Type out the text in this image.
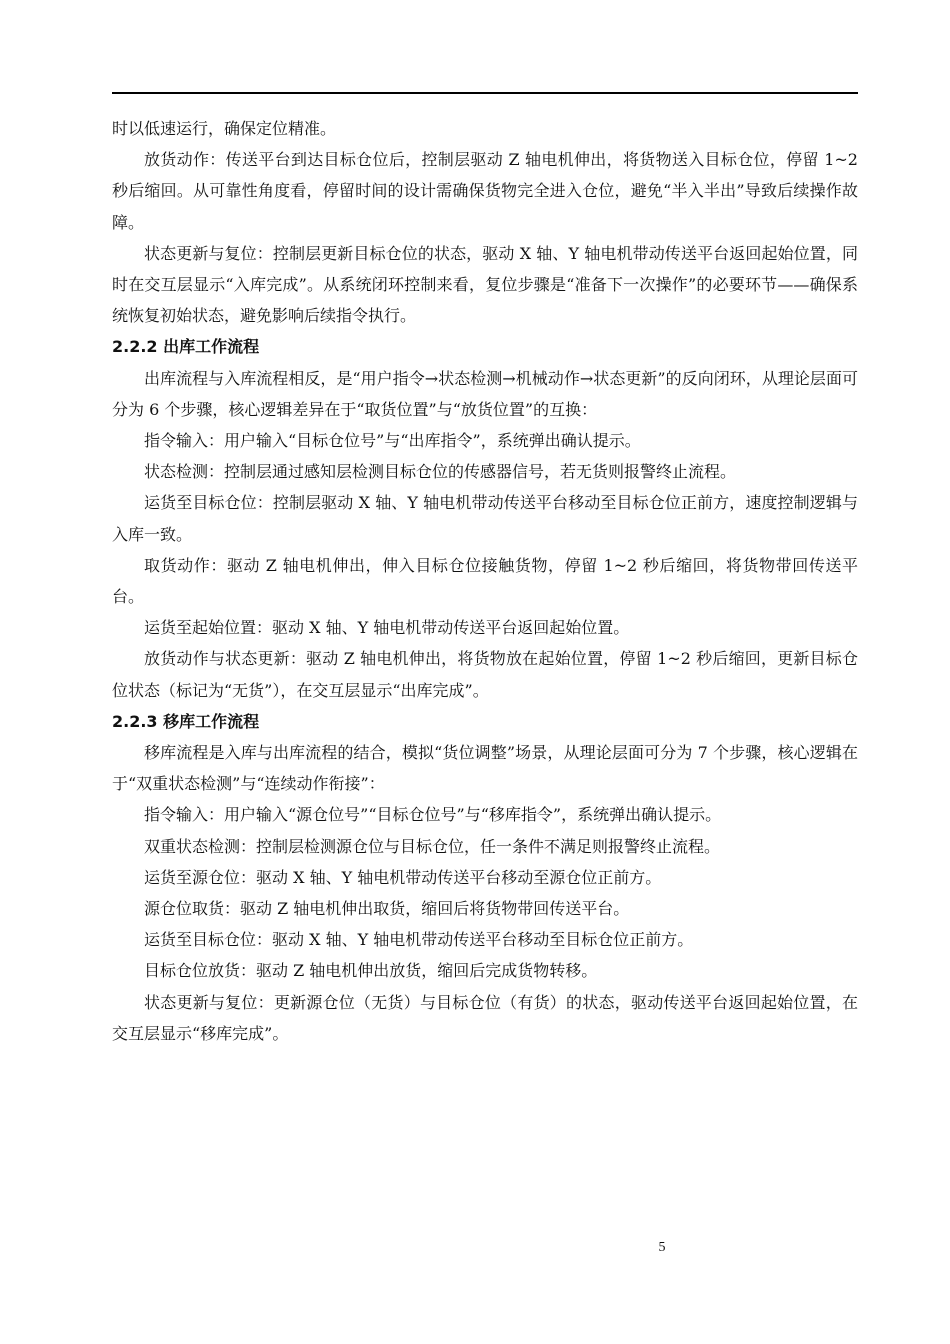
时以低速运行，确保定位精准。

放货动作：传送平台到达目标仓位后，控制层驱动 Z 轴电机伸出，将货物送入目标仓位，停留 1~2 秒后缩回。从可靠性角度看，停留时间的设计需确保货物完全进入仓位，避免“半入半出”导致后续操作故障。

状态更新与复位：控制层更新目标仓位的状态，驱动 X 轴、Y 轴电机带动传送平台返回起始位置，同时在交互层显示“入库完成”。从系统闭环控制来看，复位步骤是“准备下一次操作”的必要环节——确保系统恢复初始状态，避免影响后续指令执行。

2.2.2 出库工作流程

出库流程与入库流程相反，是“用户指令→状态检测→机械动作→状态更新”的反向闭环，从理论层面可分为 6 个步骤，核心逻辑差异在于“取货位置”与“放货位置”的互换：

指令输入：用户输入“目标仓位号”与“出库指令”，系统弹出确认提示。

状态检测：控制层通过感知层检测目标仓位的传感器信号，若无货则报警终止流程。

运货至目标仓位：控制层驱动 X 轴、Y 轴电机带动传送平台移动至目标仓位正前方，速度控制逻辑与入库一致。

取货动作：驱动 Z 轴电机伸出，伸入目标仓位接触货物，停留 1~2 秒后缩回，将货物带回传送平台。

运货至起始位置：驱动 X 轴、Y 轴电机带动传送平台返回起始位置。

放货动作与状态更新：驱动 Z 轴电机伸出，将货物放在起始位置，停留 1~2 秒后缩回，更新目标仓位状态（标记为“无货”），在交互层显示“出库完成”。

2.2.3 移库工作流程

移库流程是入库与出库流程的结合，模拟“货位调整”场景，从理论层面可分为 7 个步骤，核心逻辑在于“双重状态检测”与“连续动作衔接”：

指令输入：用户输入“源仓位号”“目标仓位号”与“移库指令”，系统弹出确认提示。

双重状态检测：控制层检测源仓位与目标仓位，任一条件不满足则报警终止流程。

运货至源仓位：驱动 X 轴、Y 轴电机带动传送平台移动至源仓位正前方。

源仓位取货：驱动 Z 轴电机伸出取货，缩回后将货物带回传送平台。

运货至目标仓位：驱动 X 轴、Y 轴电机带动传送平台移动至目标仓位正前方。

目标仓位放货：驱动 Z 轴电机伸出放货，缩回后完成货物转移。

状态更新与复位：更新源仓位（无货）与目标仓位（有货）的状态，驱动传送平台返回起始位置，在交互层显示“移库完成”。

5
